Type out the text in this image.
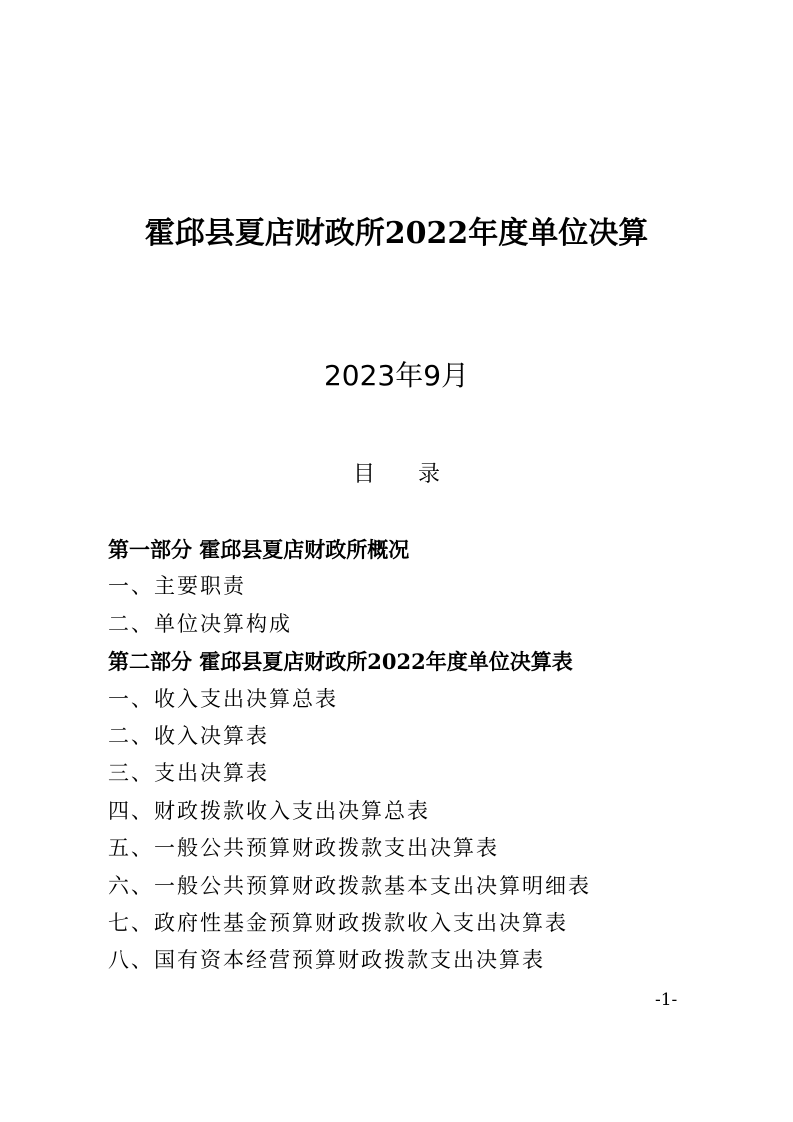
霍邱县夏店财政所2022年度单位决算
2023年9月
目 录
第一部分 霍邱县夏店财政所概况
一、主要职责
二、单位决算构成
第二部分 霍邱县夏店财政所2022年度单位决算表
一、收入支出决算总表
二、收入决算表
三、支出决算表
四、财政拨款收入支出决算总表
五、一般公共预算财政拨款支出决算表
六、一般公共预算财政拨款基本支出决算明细表
七、政府性基金预算财政拨款收入支出决算表
八、国有资本经营预算财政拨款支出决算表
-1-
